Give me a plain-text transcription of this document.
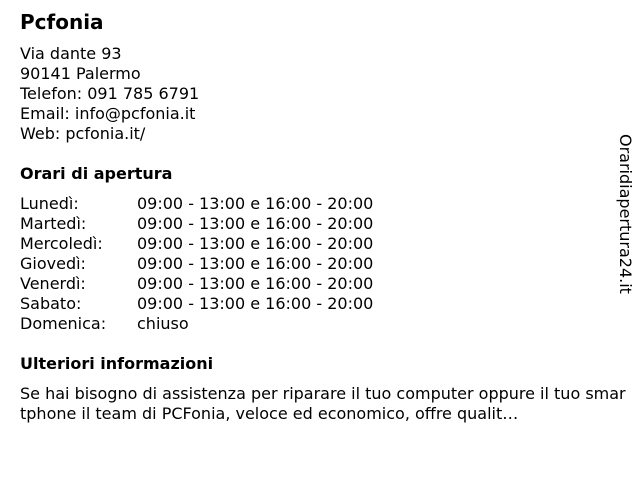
Pcfonia
Via dante 93
90141 Palermo
Telefon: 091 785 6791
Email: info@pcfonia.it
Web: pcfonia.it/
Orari di apertura
Lunedì:	09:00 - 13:00 e 16:00 - 20:00
Martedì:	09:00 - 13:00 e 16:00 - 20:00
Mercoledì:	09:00 - 13:00 e 16:00 - 20:00
Giovedì:	09:00 - 13:00 e 16:00 - 20:00
Venerdì:	09:00 - 13:00 e 16:00 - 20:00
Sabato:	09:00 - 13:00 e 16:00 - 20:00
Domenica:	chiuso
Ulteriori informazioni

Se hai bisogno di assistenza per riparare il tuo computer oppure il tuo smartphone il team di PCFonia, veloce ed economico, offre qualit…

Oraridiapertura24.it
